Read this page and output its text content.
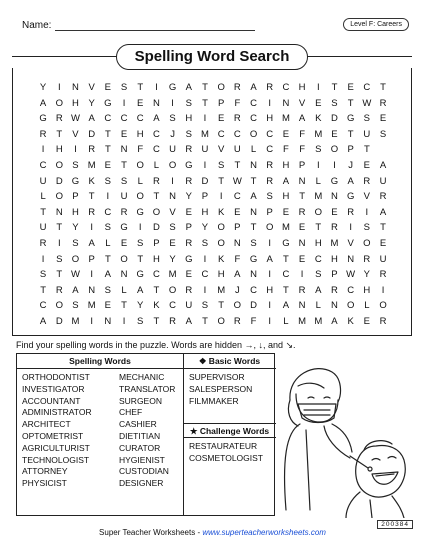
Name:	Level F: Careers
Spelling Word Search
Y	I	N	V	E	S	T	I	G A	T	O R	A	R C H	I	T	E	C	T
A O H	Y G	I	E	N	I	S	T	P	F	C	I	N	V	E	S	T W R
G R W A	C C C	A	S	H	I	E	R C H M A	K	D G S	E
R	T	V	D	T	E	H C	J	S M C C O C	E	F M E	T	U	S
I	H	I	R	T	N	F	C U R U	V	U	L	C	F	F	S O P	T
C O S M E	T	O	L	O G	I	S	T	N R H	P	I	I	J	E	A
U D G K	S	S	L	R	I	R D	T W T	R	A	N	L	G A	R U
L	O P	T	I	U O	T	N	Y	P	I	C	A	S	H	T M N G V	R
T	N H R C R G O V	E	H	K	E	N	P	E	R O E	R	I	A
U	T	Y	I	S G	I	D	S	P	Y O P	T	O M E	T	R	I	S	T
R	I	S	A	L	E	S	P	E	R	S O N	S	I	G N H M V O E
I	S O P	T	O	T	H	Y G	I	K	F	G A	T	E	C H N R U
S	T W	I	A	N G C M E	C H	A	N	I	C	I	S	P W Y	R
T	R	A	N	S	L	A	T	O R	I	M	J	C H	T	R	A	R C H	I
C O S M E	T	Y	K	C U	S	T	O D	I	A	N	L	N O	L	O
A	D M	I	N	I	S	T	R	A	T	O R	F	I	L	M M A	K	E	R
Find your spelling words in the puzzle. Words are hidden →, ↓, and ↘.
Spelling Words	❖ Basic Words
ORTHODONTIST
INVESTIGATOR
ACCOUNTANT
ADMINISTRATOR
ARCHITECT
OPTOMETRIST
AGRICULTURIST
TECHNOLOGIST
ATTORNEY
PHYSICIST
MECHANIC
TRANSLATOR
SURGEON
CHEF
CASHIER
DIETITIAN
CURATOR
HYGIENIST
CUSTODIAN
DESIGNER
SUPERVISOR
SALESPERSON
FILMMAKER
★ Challenge Words
RESTAURATEUR
COSMETOLOGIST
Super Teacher Worksheets - www.superteacherworksheets.com
200384
